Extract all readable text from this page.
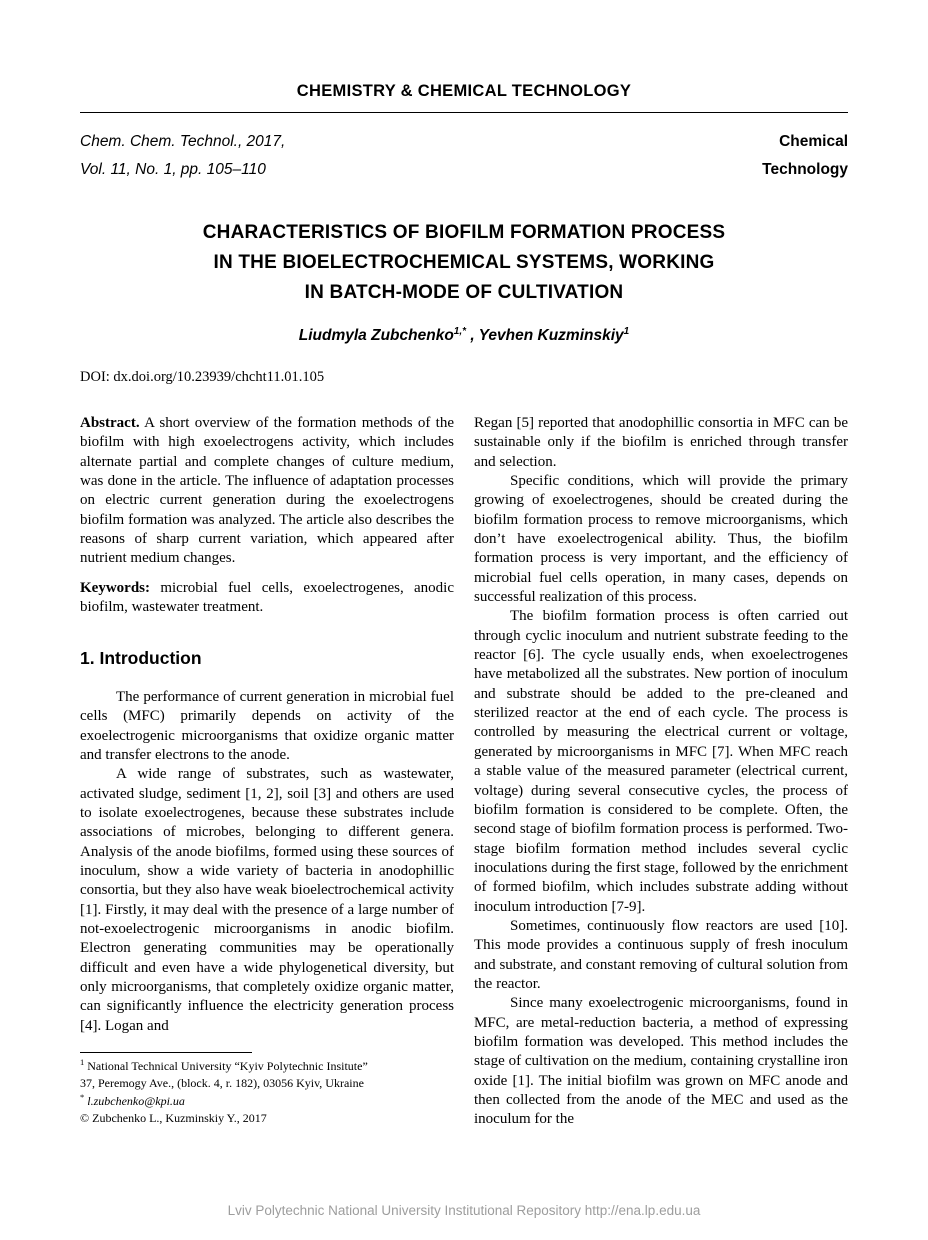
CHEMISTRY & CHEMICAL TECHNOLOGY
Chem. Chem. Technol., 2017,
Vol. 11, No. 1, pp. 105–110
Chemical
Technology
CHARACTERISTICS OF BIOFILM FORMATION PROCESS
IN THE BIOELECTROCHEMICAL SYSTEMS, WORKING
IN BATCH-MODE OF CULTIVATION
Liudmyla Zubchenko$^{1,*}$ , Yevhen Kuzminskiy$^1$
DOI: dx.doi.org/10.23939/chcht11.01.105

Abstract. A short overview of the formation methods of the biofilm with high exoelectrogens activity, which includes alternate partial and complete changes of culture medium, was done in the article. The influence of adaptation processes on electric current generation during the exoelectrogens biofilm formation was analyzed. The article also describes the reasons of sharp current variation, which appeared after nutrient medium changes.

Keywords: microbial fuel cells, exoelectrogenes, anodic biofilm, wastewater treatment.

1. Introduction

The performance of current generation in microbial fuel cells (MFC) primarily depends on activity of the exoelectrogenic microorganisms that oxidize organic matter and transfer electrons to the anode.

A wide range of substrates, such as wastewater, activated sludge, sediment [1, 2], soil [3] and others are used to isolate exoelectrogenes, because these substrates include associations of microbes, belonging to different genera. Analysis of the anode biofilms, formed using these sources of inoculum, show a wide variety of bacteria in anodophillic consortia, but they also have weak bioelectrochemical activity [1]. Firstly, it may deal with the presence of a large number of not-exoelectrogenic microorganisms in anodic biofilm. Electron generating communities may be operationally difficult and even have a wide phylogenetical diversity, but only microorganisms, that completely oxidize organic matter, can significantly influence the electricity generation process [4]. Logan and

$^1$ National Technical University “Kyiv Polytechnic Insitute”
37, Peremogy Ave., (block. 4, r. 182), 03056 Kyiv, Ukraine
* l.zubchenko@kpi.ua
© Zubchenko L., Kuzminskiy Y., 2017

Regan [5] reported that anodophillic consortia in MFC can be sustainable only if the biofilm is enriched through transfer and selection.

Specific conditions, which will provide the primary growing of exoelectrogenes, should be created during the biofilm formation process to remove microorganisms, which don’t have exoelectrogenical ability. Thus, the biofilm formation process is very important, and the efficiency of microbial fuel cells operation, in many cases, depends on successful realization of this process.

The biofilm formation process is often carried out through cyclic inoculum and nutrient substrate feeding to the reactor [6]. The cycle usually ends, when exoelectrogenes have metabolized all the substrates. New portion of inoculum and substrate should be added to the pre-cleaned and sterilized reactor at the end of each cycle. The process is controlled by measuring the electrical current or voltage, generated by microorganisms in MFC [7]. When MFC reach a stable value of the measured parameter (electrical current, voltage) during several consecutive cycles, the process of biofilm formation is considered to be complete. Often, the second stage of biofilm formation process is performed. Two-stage biofilm formation method includes several cyclic inoculations during the first stage, followed by the enrichment of formed biofilm, which includes substrate adding without inoculum introduction [7-9].

Sometimes, continuously flow reactors are used [10]. This mode provides a continuous supply of fresh inoculum and substrate, and constant removing of cultural solution from the reactor.

Since many exoelectrogenic microorganisms, found in MFC, are metal-reduction bacteria, a method of expressing biofilm formation was developed. This method includes the stage of cultivation on the medium, containing crystalline iron oxide [1]. The initial biofilm was grown on MFC anode and then collected from the anode of the MEC and used as the inoculum for the

Lviv Polytechnic National University Institutional Repository http://ena.lp.edu.ua
